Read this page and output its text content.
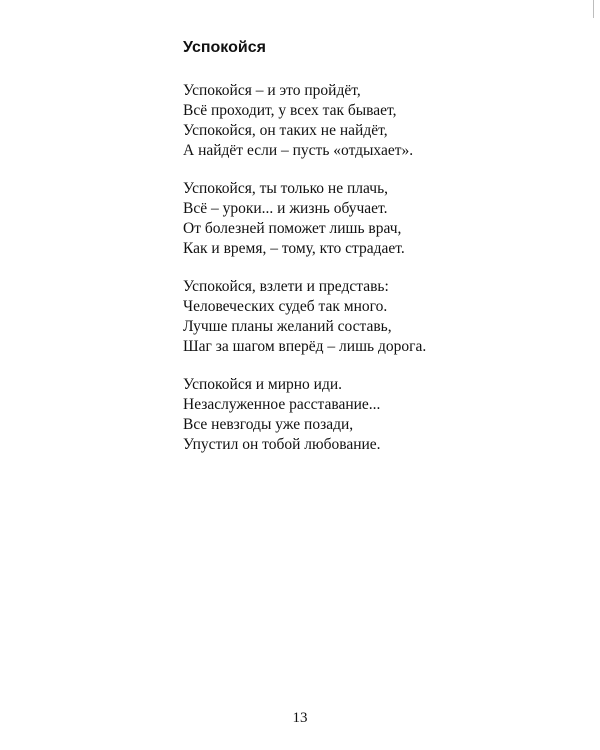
Успокойся
Успокойся – и это пройдёт,
Всё проходит, у всех так бывает,
Успокойся, он таких не найдёт,
А найдёт если – пусть «отдыхает».
Успокойся, ты только не плачь,
Всё – уроки... и жизнь обучает.
От болезней поможет лишь врач,
Как и время, – тому, кто страдает.
Успокойся, взлети и представь:
Человеческих судеб так много.
Лучше планы желаний составь,
Шаг за шагом вперёд – лишь дорога.
Успокойся и мирно иди.
Незаслуженное расставание...
Все невзгоды уже позади,
Упустил он тобой любование.
13
